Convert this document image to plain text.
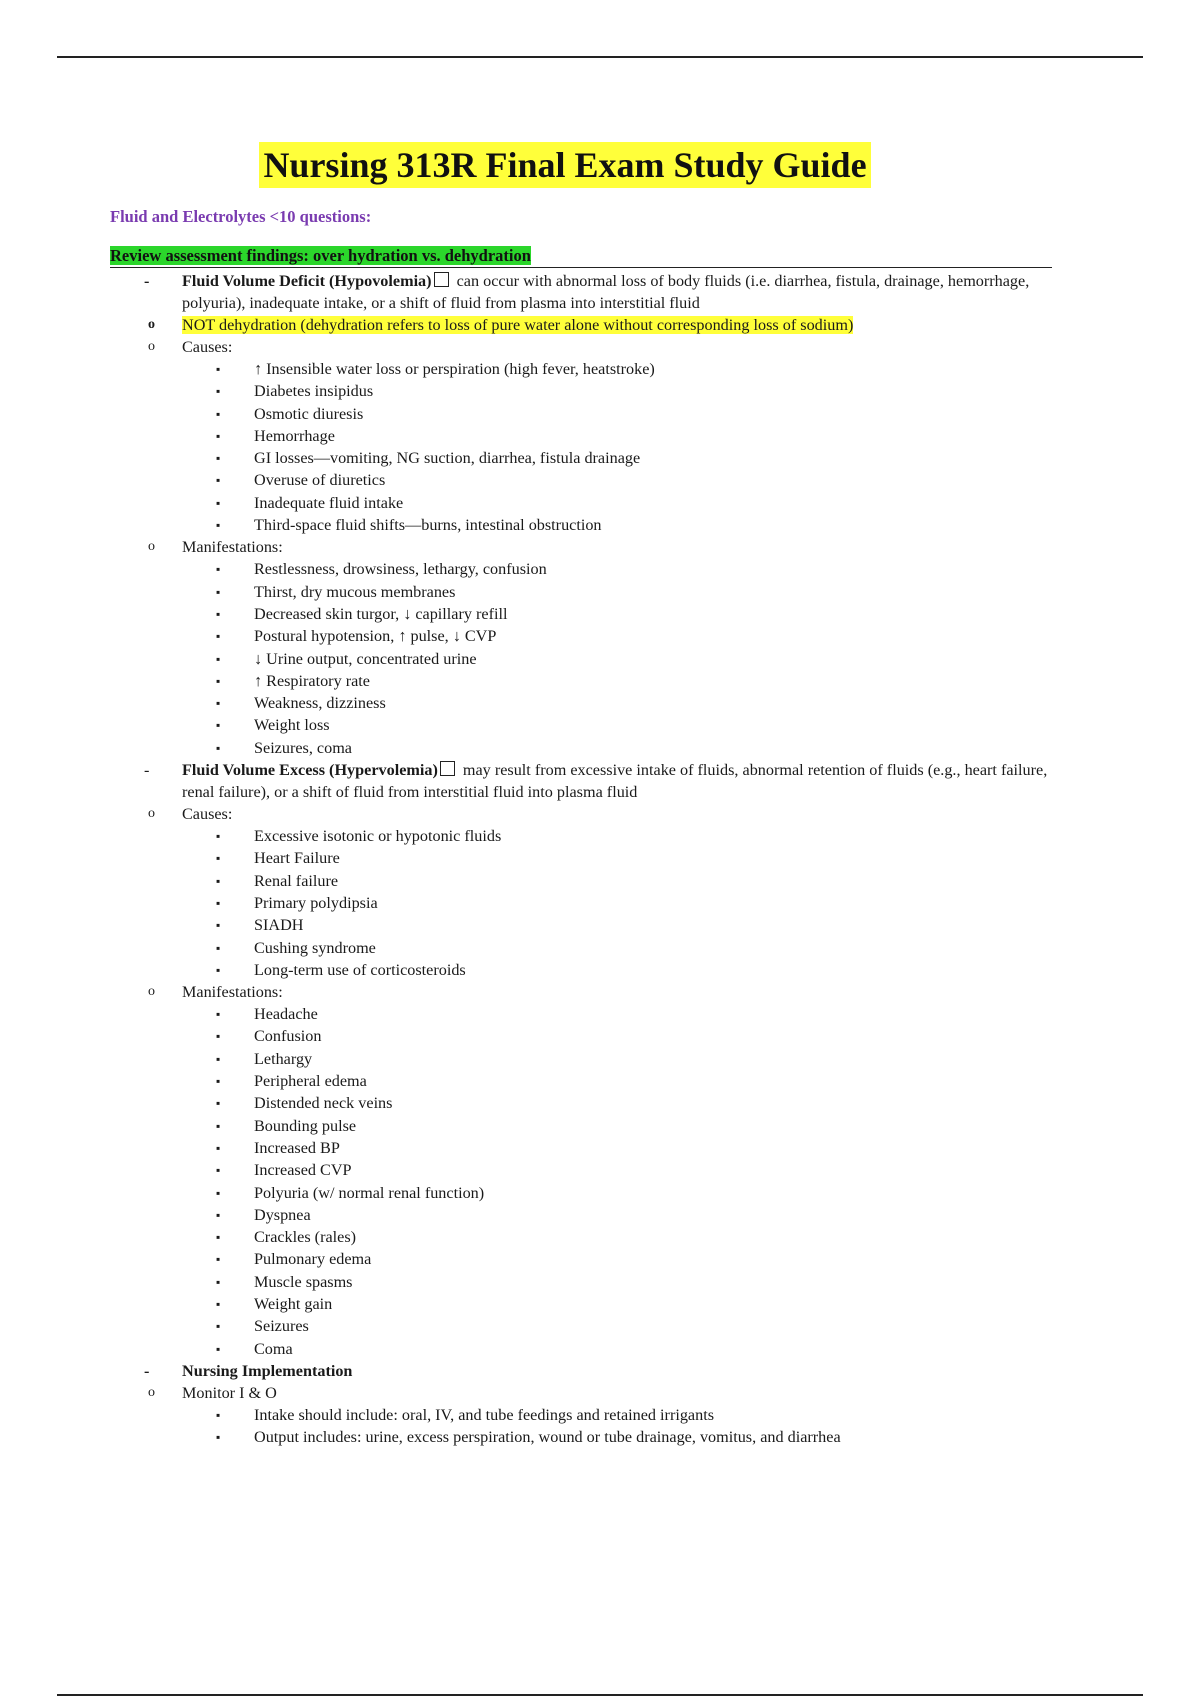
Nursing 313R Final Exam Study Guide
Fluid and Electrolytes <10 questions:
Review assessment findings: over hydration vs. dehydration
- Fluid Volume Deficit (Hypovolemia) can occur with abnormal loss of body fluids (i.e. diarrhea, fistula, drainage, hemorrhage, polyuria), inadequate intake, or a shift of fluid from plasma into interstitial fluid
o NOT dehydration (dehydration refers to loss of pure water alone without corresponding loss of sodium)
o Causes:
▪ ↑ Insensible water loss or perspiration (high fever, heatstroke)
▪ Diabetes insipidus
▪ Osmotic diuresis
▪ Hemorrhage
▪ GI losses—vomiting, NG suction, diarrhea, fistula drainage
▪ Overuse of diuretics
▪ Inadequate fluid intake
▪ Third-space fluid shifts—burns, intestinal obstruction
o Manifestations:
▪ Restlessness, drowsiness, lethargy, confusion
▪ Thirst, dry mucous membranes
▪ Decreased skin turgor, ↓ capillary refill
▪ Postural hypotension, ↑ pulse, ↓ CVP
▪ ↓ Urine output, concentrated urine
▪ ↑ Respiratory rate
▪ Weakness, dizziness
▪ Weight loss
▪ Seizures, coma
- Fluid Volume Excess (Hypervolemia) may result from excessive intake of fluids, abnormal retention of fluids (e.g., heart failure, renal failure), or a shift of fluid from interstitial fluid into plasma fluid
o Causes:
▪ Excessive isotonic or hypotonic fluids
▪ Heart Failure
▪ Renal failure
▪ Primary polydipsia
▪ SIADH
▪ Cushing syndrome
▪ Long-term use of corticosteroids
o Manifestations:
▪ Headache
▪ Confusion
▪ Lethargy
▪ Peripheral edema
▪ Distended neck veins
▪ Bounding pulse
▪ Increased BP
▪ Increased CVP
▪ Polyuria (w/ normal renal function)
▪ Dyspnea
▪ Crackles (rales)
▪ Pulmonary edema
▪ Muscle spasms
▪ Weight gain
▪ Seizures
▪ Coma
- Nursing Implementation
o Monitor I & O
▪ Intake should include: oral, IV, and tube feedings and retained irrigants
▪ Output includes: urine, excess perspiration, wound or tube drainage, vomitus, and diarrhea
